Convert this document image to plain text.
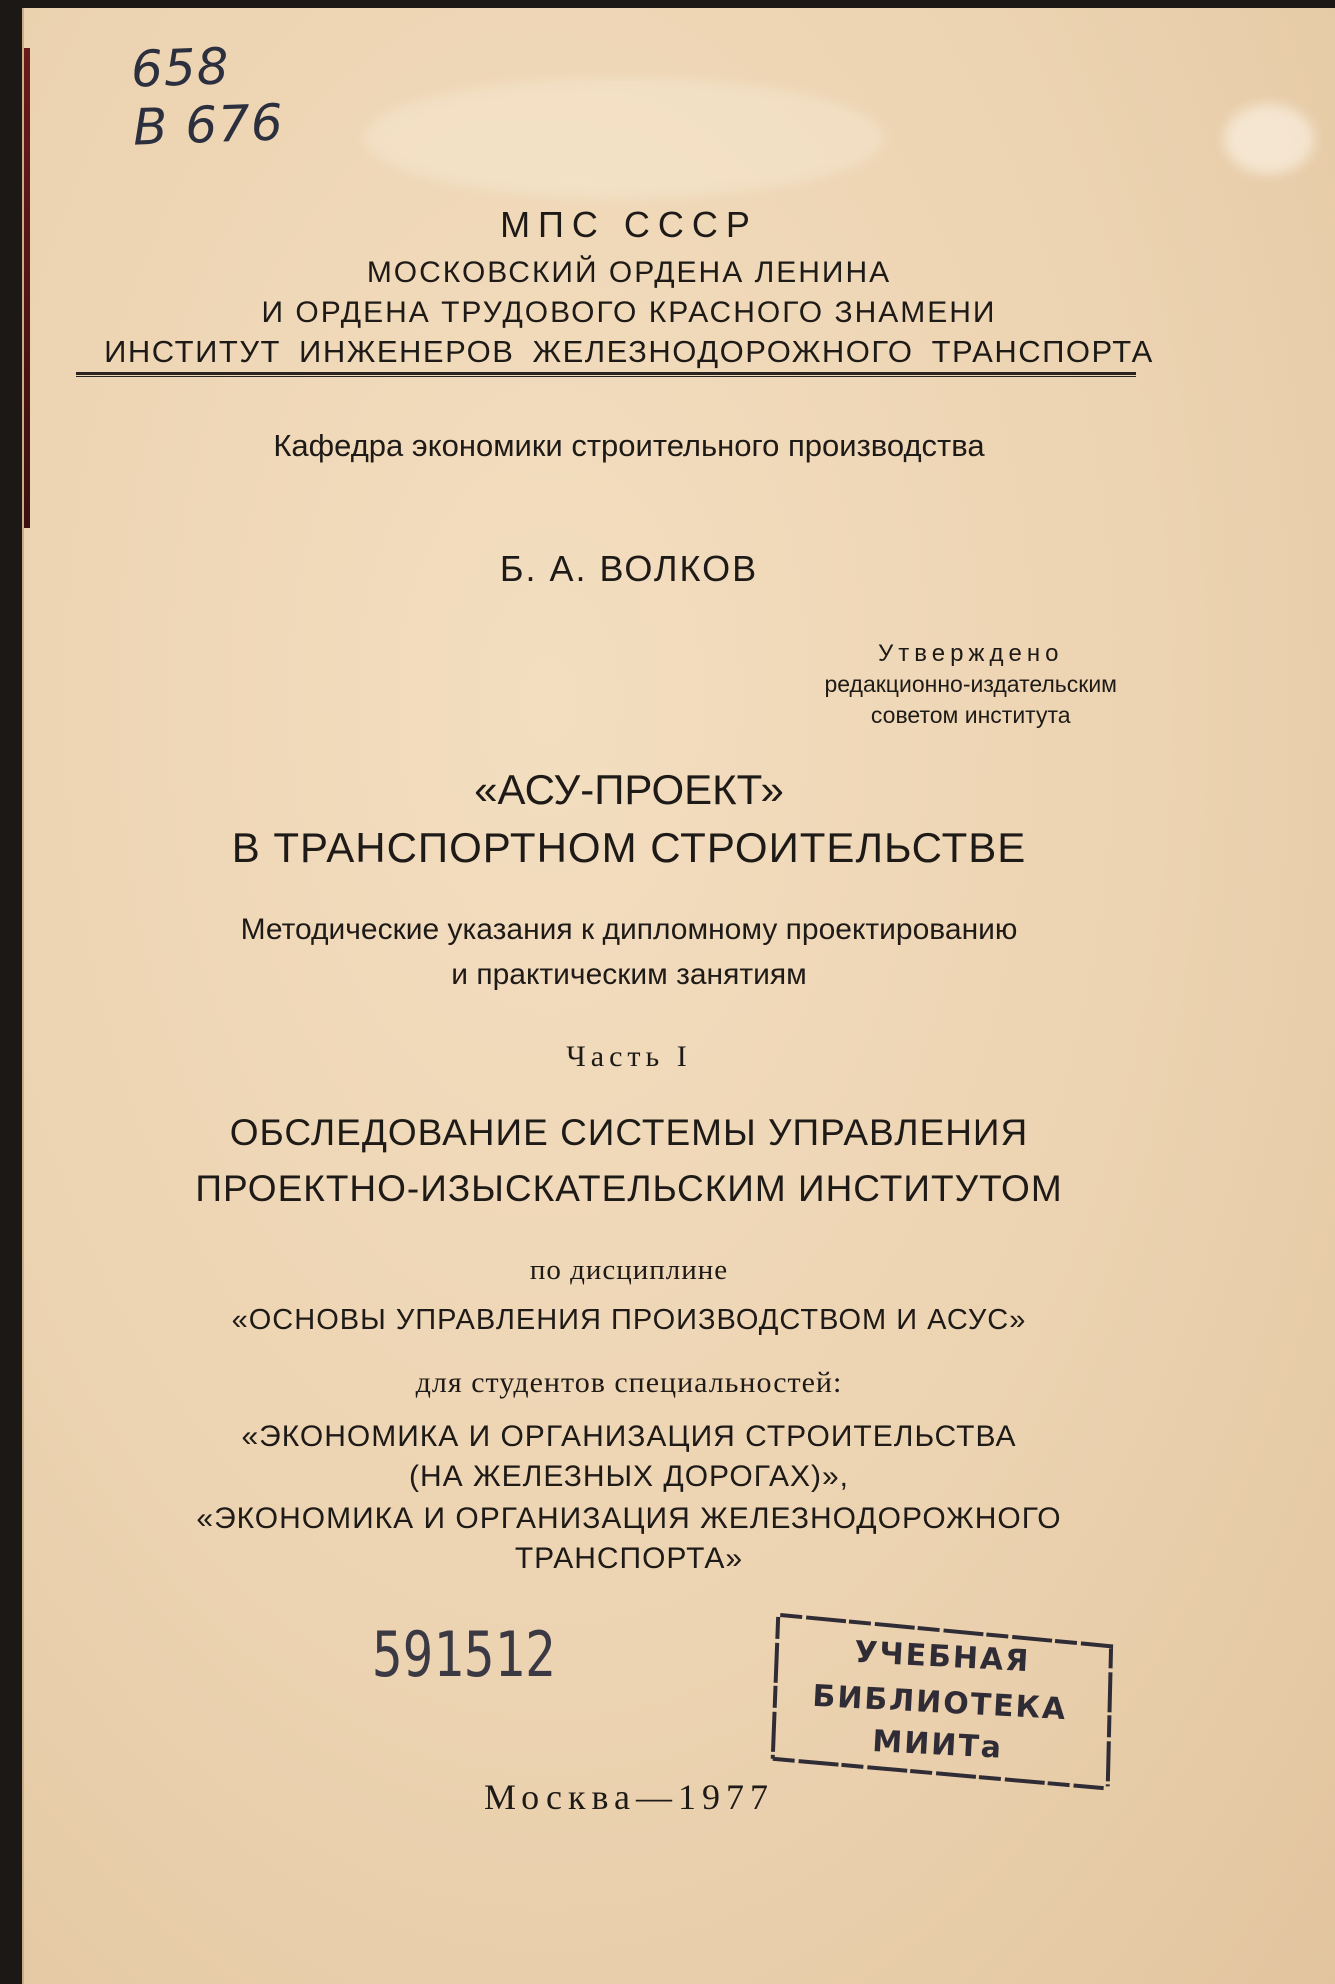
658
В 676
МПС СССР
МОСКОВСКИЙ ОРДЕНА ЛЕНИНА
И ОРДЕНА ТРУДОВОГО КРАСНОГО ЗНАМЕНИ
ИНСТИТУТ ИНЖЕНЕРОВ ЖЕЛЕЗНОДОРОЖНОГО ТРАНСПОРТА
Кафедра экономики строительного производства
Б. А. ВОЛКОВ
Утверждено
редакционно-издательским
советом института
«АСУ-ПРОЕКТ»
В ТРАНСПОРТНОМ СТРОИТЕЛЬСТВЕ
Методические указания к дипломному проектированию
и практическим занятиям
Часть I
ОБСЛЕДОВАНИЕ СИСТЕМЫ УПРАВЛЕНИЯ
ПРОЕКТНО-ИЗЫСКАТЕЛЬСКИМ ИНСТИТУТОМ
по дисциплине
«ОСНОВЫ УПРАВЛЕНИЯ ПРОИЗВОДСТВОМ И АСУС»
для студентов специальностей:
«ЭКОНОМИКА И ОРГАНИЗАЦИЯ СТРОИТЕЛЬСТВА
(НА ЖЕЛЕЗНЫХ ДОРОГАХ)»,
«ЭКОНОМИКА И ОРГАНИЗАЦИЯ ЖЕЛЕЗНОДОРОЖНОГО
ТРАНСПОРТА»
591512	УЧЕБНАЯ
БИБЛИОТЕКА
МИИТа
Москва—1977
